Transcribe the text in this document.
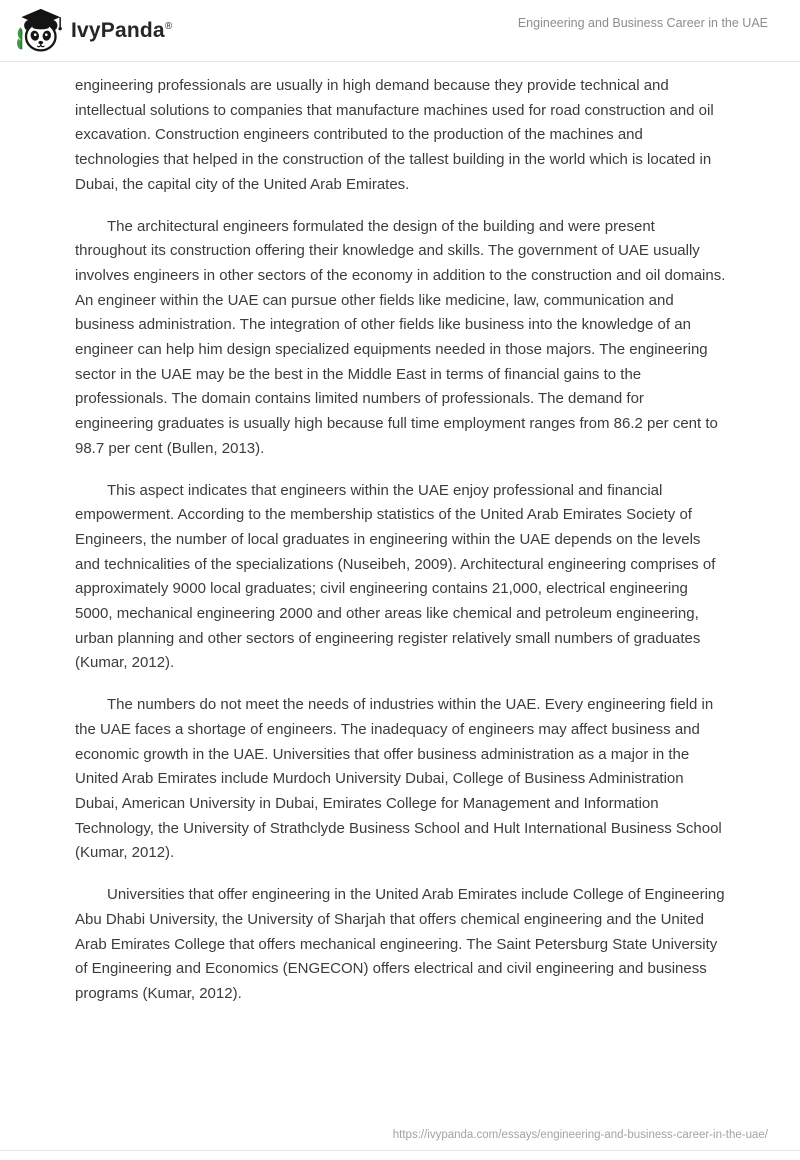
IvyPanda®	Engineering and Business Career in the UAE

engineering professionals are usually in high demand because they provide technical and intellectual solutions to companies that manufacture machines used for road construction and oil excavation. Construction engineers contributed to the production of the machines and technologies that helped in the construction of the tallest building in the world which is located in Dubai, the capital city of the United Arab Emirates.

The architectural engineers formulated the design of the building and were present throughout its construction offering their knowledge and skills. The government of UAE usually involves engineers in other sectors of the economy in addition to the construction and oil domains. An engineer within the UAE can pursue other fields like medicine, law, communication and business administration. The integration of other fields like business into the knowledge of an engineer can help him design specialized equipments needed in those majors. The engineering sector in the UAE may be the best in the Middle East in terms of financial gains to the professionals. The domain contains limited numbers of professionals. The demand for engineering graduates is usually high because full time employment ranges from 86.2 per cent to 98.7 per cent (Bullen, 2013).

This aspect indicates that engineers within the UAE enjoy professional and financial empowerment. According to the membership statistics of the United Arab Emirates Society of Engineers, the number of local graduates in engineering within the UAE depends on the levels and technicalities of the specializations (Nuseibeh, 2009). Architectural engineering comprises of approximately 9000 local graduates; civil engineering contains 21,000, electrical engineering 5000, mechanical engineering 2000 and other areas like chemical and petroleum engineering, urban planning and other sectors of engineering register relatively small numbers of graduates (Kumar, 2012).

The numbers do not meet the needs of industries within the UAE. Every engineering field in the UAE faces a shortage of engineers. The inadequacy of engineers may affect business and economic growth in the UAE. Universities that offer business administration as a major in the United Arab Emirates include Murdoch University Dubai, College of Business Administration Dubai, American University in Dubai, Emirates College for Management and Information Technology, the University of Strathclyde Business School and Hult International Business School (Kumar, 2012).

Universities that offer engineering in the United Arab Emirates include College of Engineering Abu Dhabi University, the University of Sharjah that offers chemical engineering and the United Arab Emirates College that offers mechanical engineering. The Saint Petersburg State University of Engineering and Economics (ENGECON) offers electrical and civil engineering and business programs (Kumar, 2012).

https://ivypanda.com/essays/engineering-and-business-career-in-the-uae/
